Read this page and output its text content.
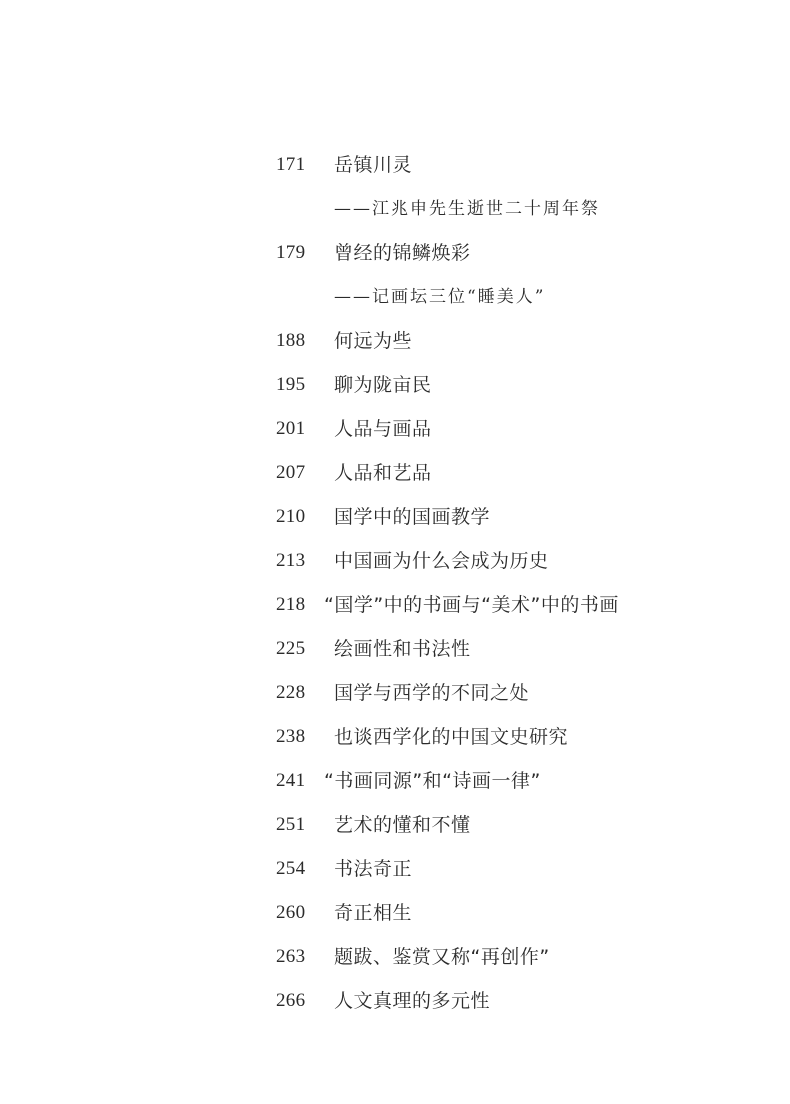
171 岳镇川灵
——江兆申先生逝世二十周年祭
179 曾经的锦鳞焕彩
——记画坛三位“睡美人”
188 何远为些
195 聊为陇亩民
201 人品与画品
207 人品和艺品
210 国学中的国画教学
213 中国画为什么会成为历史
218 “国学”中的书画与“美术”中的书画
225 绘画性和书法性
228 国学与西学的不同之处
238 也谈西学化的中国文史研究
241 “书画同源”和“诗画一律”
251 艺术的懂和不懂
254 书法奇正
260 奇正相生
263 题跋、鉴赏又称“再创作”
266 人文真理的多元性
